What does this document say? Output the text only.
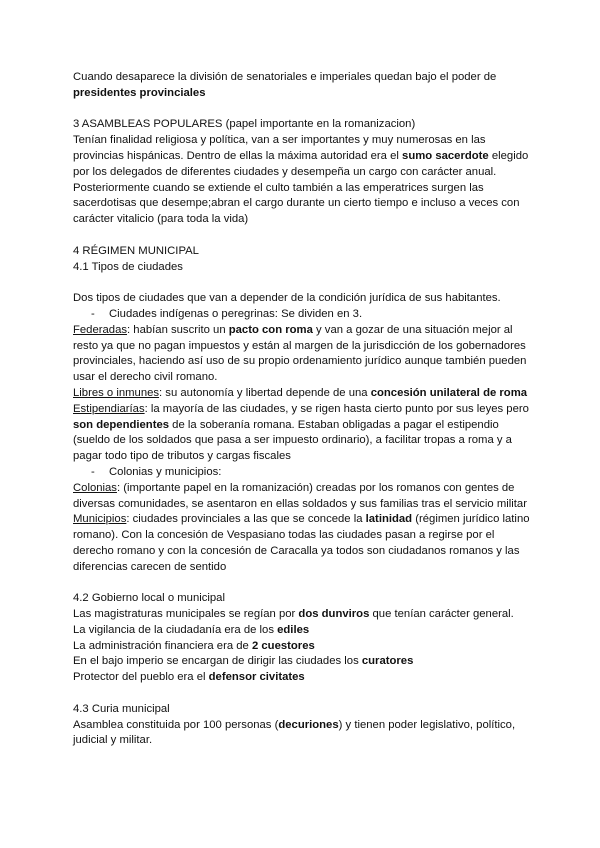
Cuando desaparece la división de senatoriales e imperiales quedan bajo el poder de
presidentes provinciales
3 ASAMBLEAS POPULARES (papel importante en la romanizacion)
Tenían finalidad religiosa y política, van a ser importantes y muy numerosas en las
provincias hispánicas. Dentro de ellas la máxima autoridad era el sumo sacerdote elegido
por los delegados de diferentes ciudades y desempeña un cargo con carácter anual.
Posteriormente cuando se extiende el culto también a las emperatrices surgen las
sacerdotisas que desempe;abran el cargo durante un cierto tiempo e incluso a veces con
carácter vitalicio (para toda la vida)
4 RÉGIMEN MUNICIPAL
4.1 Tipos de ciudades
Dos tipos de ciudades que van a depender de la condición jurídica de sus habitantes.
- Ciudades indígenas o peregrinas: Se dividen en 3.
Federadas: habían suscrito un pacto con roma y van a gozar de una situación mejor al
resto ya que no pagan impuestos y están al margen de la jurisdicción de los gobernadores
provinciales, haciendo así uso de su propio ordenamiento jurídico aunque también pueden
usar el derecho civil romano.
Libres o inmunes: su autonomía y libertad depende de una concesión unilateral de roma
Estipendiarías: la mayoría de las ciudades, y se rigen hasta cierto punto por sus leyes pero
son dependientes de la soberanía romana. Estaban obligadas a pagar el estipendio
(sueldo de los soldados que pasa a ser impuesto ordinario), a facilitar tropas a roma y a
pagar todo tipo de tributos y cargas fiscales
- Colonias y municipios:
Colonias: (importante papel en la romanización) creadas por los romanos con gentes de
diversas comunidades, se asentaron en ellas soldados y sus familias tras el servicio militar
Municipios: ciudades provinciales a las que se concede la latinidad (régimen jurídico latino
romano). Con la concesión de Vespasiano todas las ciudades pasan a regirse por el
derecho romano y con la concesión de Caracalla ya todos son ciudadanos romanos y las
diferencias carecen de sentido
4.2 Gobierno local o municipal
Las magistraturas municipales se regían por dos dunviros que tenían carácter general.
La vigilancia de la ciudadanía era de los ediles
La administración financiera era de 2 cuestores
En el bajo imperio se encargan de dirigir las ciudades los curatores
Protector del pueblo era el defensor civitates
4.3 Curia municipal
Asamblea constituida por 100 personas (decuriones) y tienen poder legislativo, político,
judicial y militar.
